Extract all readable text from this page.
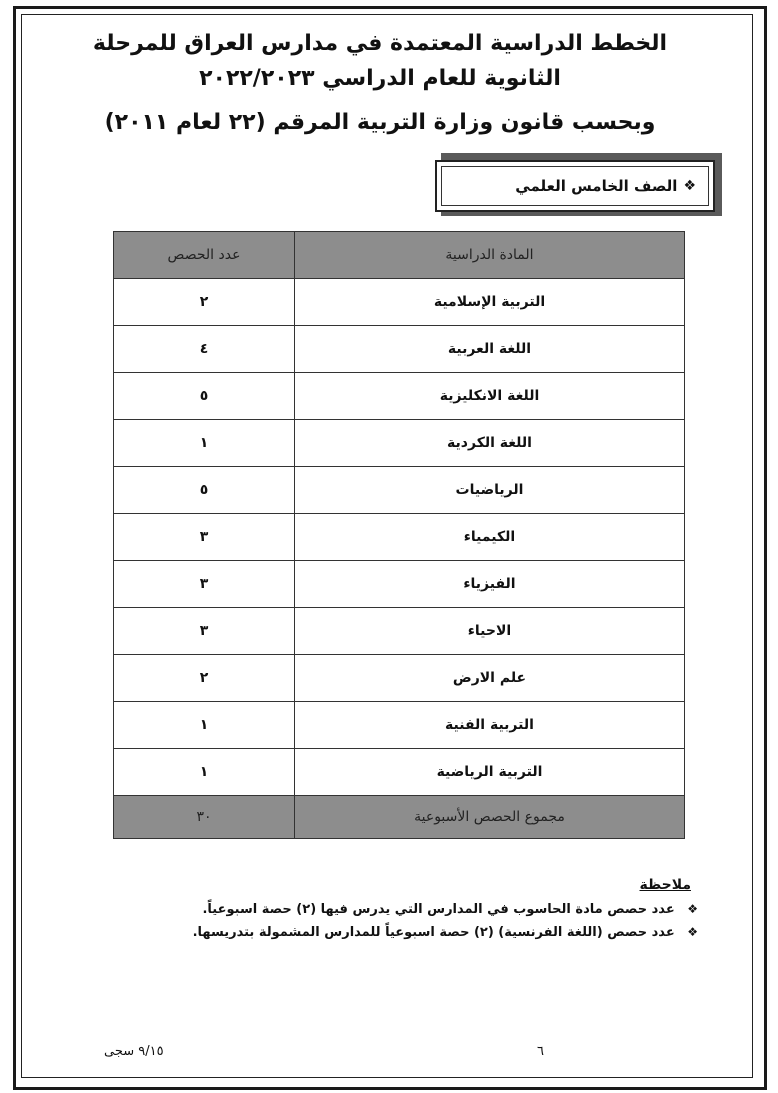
الخطط الدراسية المعتمدة في مدارس العراق للمرحلة
الثانوية للعام الدراسي ٢٠٢٢/٢٠٢٣
وبحسب قانون وزارة التربية المرقم (٢٢ لعام ٢٠١١)
❖
الصف الخامس العلمي
المادة الدراسية	عدد الحصص
التربية الإسلامية	٢
اللغة العربية	٤
اللغة الانكليزية	٥
اللغة الكردية	١
الرياضيات	٥
الكيمياء	٣
الفيزياء	٣
الاحياء	٣
علم الارض	٢
التربية الفنية	١
التربية الرياضية	١
مجموع الحصص الأسبوعية	٣٠
ملاحظة
❖ عدد حصص مادة الحاسوب في المدارس التي يدرس فيها (٢) حصة اسبوعياً.
❖ عدد حصص (اللغة الفرنسية) (٢) حصة اسبوعياً للمدارس المشمولة بتدريسها.
٦
٩/١٥ سجى
